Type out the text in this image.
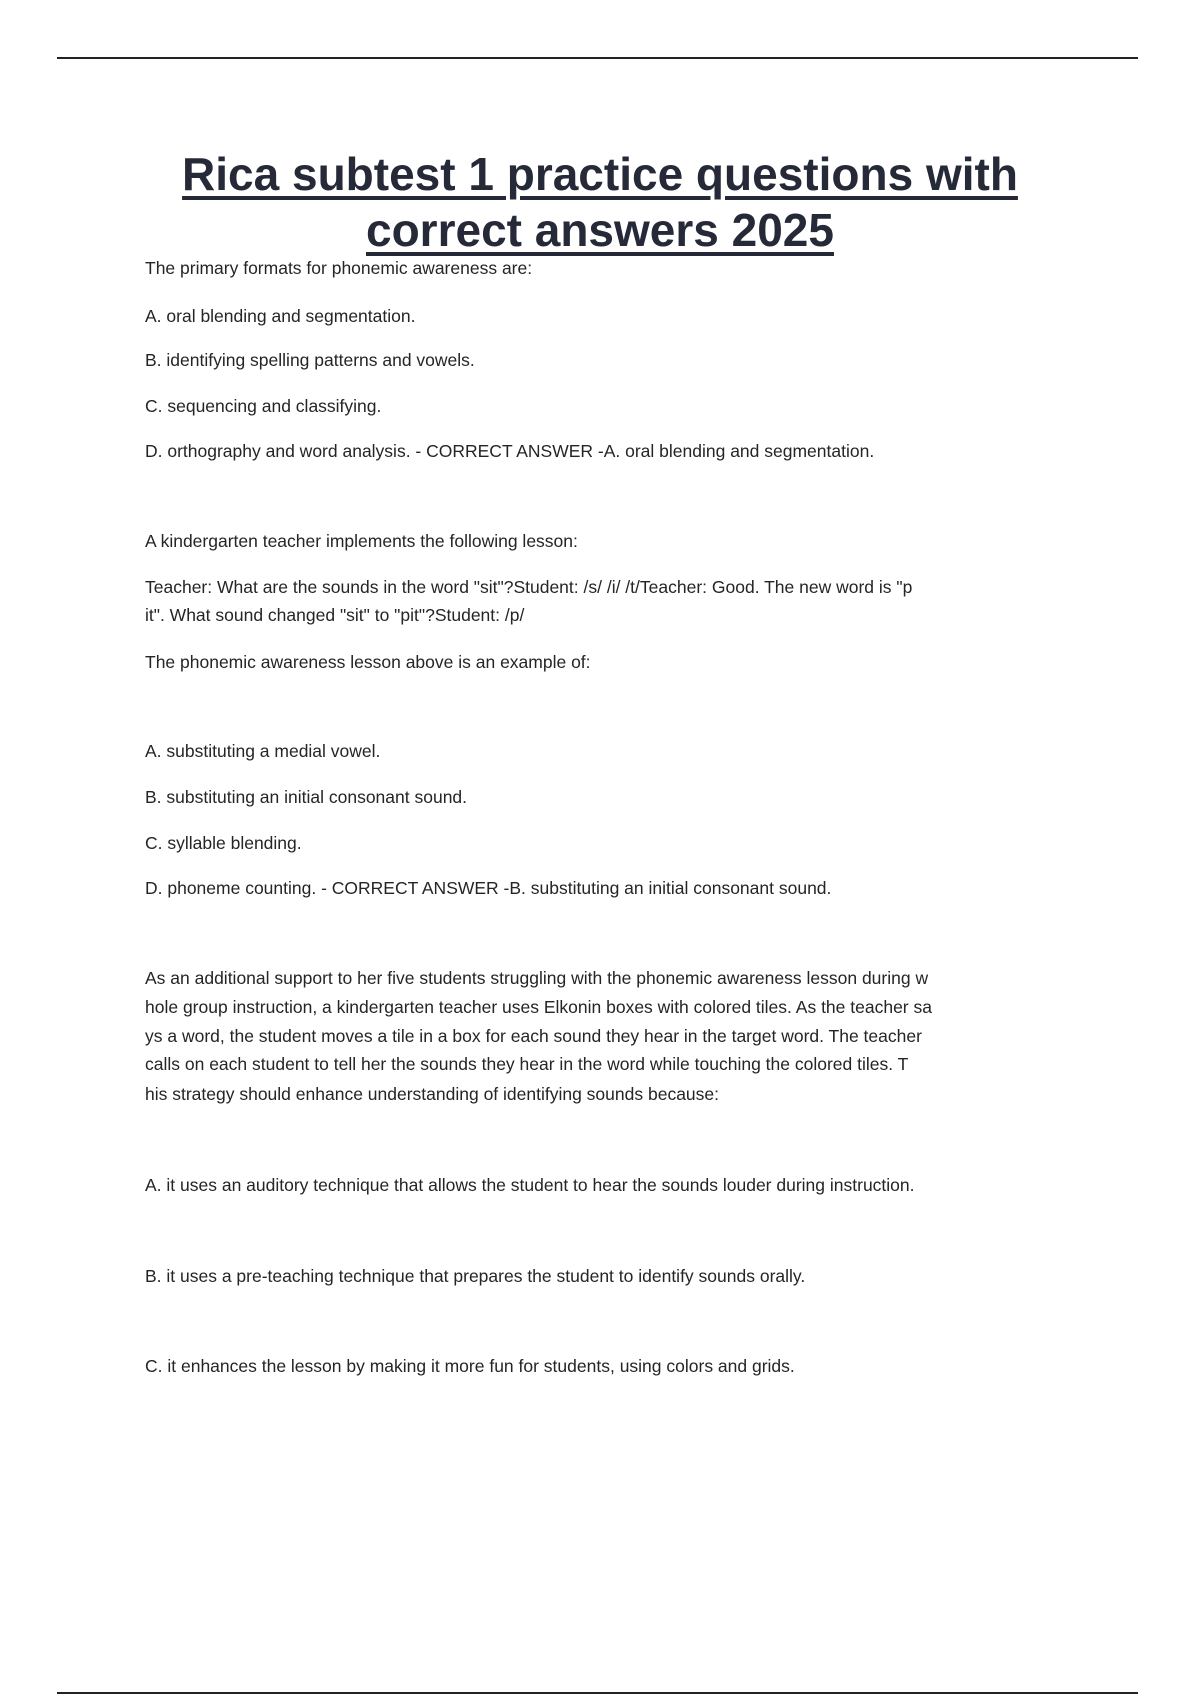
Rica subtest 1 practice questions with
correct answers 2025
The primary formats for phonemic awareness are:
A. oral blending and segmentation.
B. identifying spelling patterns and vowels.
C. sequencing and classifying.
D. orthography and word analysis. - CORRECT ANSWER -A. oral blending and segmentation.
A kindergarten teacher implements the following lesson:
Teacher: What are the sounds in the word "sit"?Student: /s/ /i/ /t/Teacher: Good. The new word is "p
it". What sound changed "sit" to "pit"?Student: /p/
The phonemic awareness lesson above is an example of:
A. substituting a medial vowel.
B. substituting an initial consonant sound.
C. syllable blending.
D. phoneme counting. - CORRECT ANSWER -B. substituting an initial consonant sound.
As an additional support to her five students struggling with the phonemic awareness lesson during w
hole group instruction, a kindergarten teacher uses Elkonin boxes with colored tiles. As the teacher sa
ys a word, the student moves a tile in a box for each sound they hear in the target word. The teacher
calls on each student to tell her the sounds they hear in the word while touching the colored tiles. T
his strategy should enhance understanding of identifying sounds because:
A. it uses an auditory technique that allows the student to hear the sounds louder during instruction.
B. it uses a pre-teaching technique that prepares the student to identify sounds orally.
C. it enhances the lesson by making it more fun for students, using colors and grids.
